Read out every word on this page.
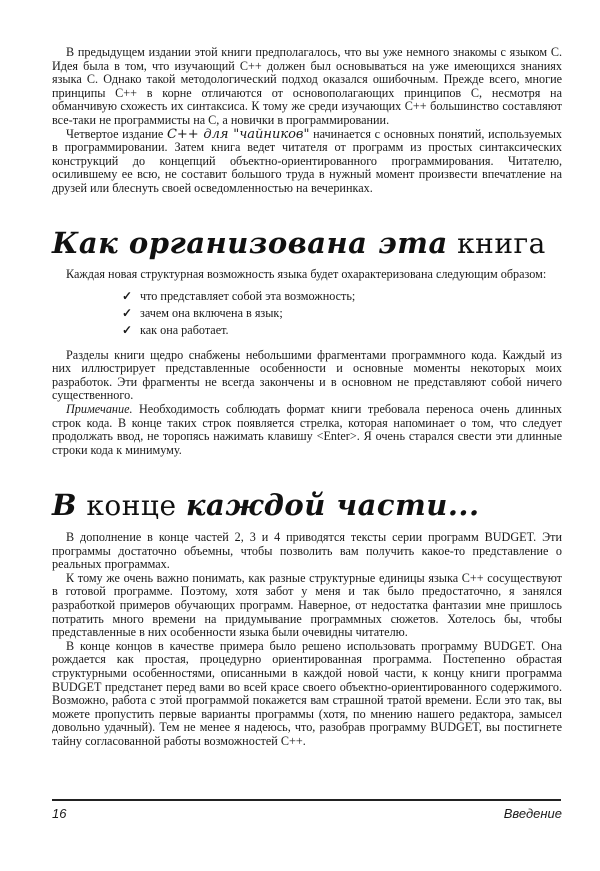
В предыдущем издании этой книги предполагалось, что вы уже немного знакомы с языком С. Идея была в том, что изучающий C++ должен был основываться на уже имеющихся знаниях языка С. Однако такой методологический подход оказался ошибочным. Прежде всего, многие принципы C++ в корне отличаются от основополагающих принципов С, несмотря на обманчивую схожесть их синтаксиса. К тому же среди изучающих C++ большинство составляют все-таки не программисты на С, а новички в программировании.

Четвертое издание C++ для "чайников" начинается с основных понятий, используемых в программировании. Затем книга ведет читателя от программ из простых синтаксических конструкций до концепций объектно-ориентированного программирования. Читателю, осилившему ее всю, не составит большого труда в нужный момент произвести впечатление на друзей или блеснуть своей осведомленностью на вечеринках.

Как организована эта книга

Каждая новая структурная возможность языка будет охарактеризована следующим образом:

✓ что представляет собой эта возможность;
✓ зачем она включена в язык;
✓ как она работает.

Разделы книги щедро снабжены небольшими фрагментами программного кода. Каждый из них иллюстрирует представленные особенности и основные моменты некоторых моих разработок. Эти фрагменты не всегда закончены и в основном не представляют собой ничего существенного.

Примечание. Необходимость соблюдать формат книги требовала переноса очень длинных строк кода. В конце таких строк появляется стрелка, которая напоминает о том, что следует продолжать ввод, не торопясь нажимать клавишу <Enter>. Я очень старался свести эти длинные строки кода к минимуму.

В конце каждой части...

В дополнение в конце частей 2, 3 и 4 приводятся тексты серии программ BUDGET. Эти программы достаточно объемны, чтобы позволить вам получить какое-то представление о реальных программах.

К тому же очень важно понимать, как разные структурные единицы языка C++ сосуществуют в готовой программе. Поэтому, хотя забот у меня и так было предостаточно, я занялся разработкой примеров обучающих программ. Наверное, от недостатка фантазии мне пришлось потратить много времени на придумывание программных сюжетов. Хотелось бы, чтобы представленные в них особенности языка были очевидны читателю.

В конце концов в качестве примера было решено использовать программу BUDGET. Она рождается как простая, процедурно ориентированная программа. Постепенно обрастая структурными особенностями, описанными в каждой новой части, к концу книги программа BUDGET предстанет перед вами во всей красе своего объектно-ориентированного содержимого. Возможно, работа с этой программой покажется вам страшной тратой времени. Если это так, вы можете пропустить первые варианты программы (хотя, по мнению нашего редактора, замысел довольно удачный). Тем не менее я надеюсь, что, разобрав программу BUDGET, вы постигнете тайну согласованной работы возможностей C++.

16	Введение
